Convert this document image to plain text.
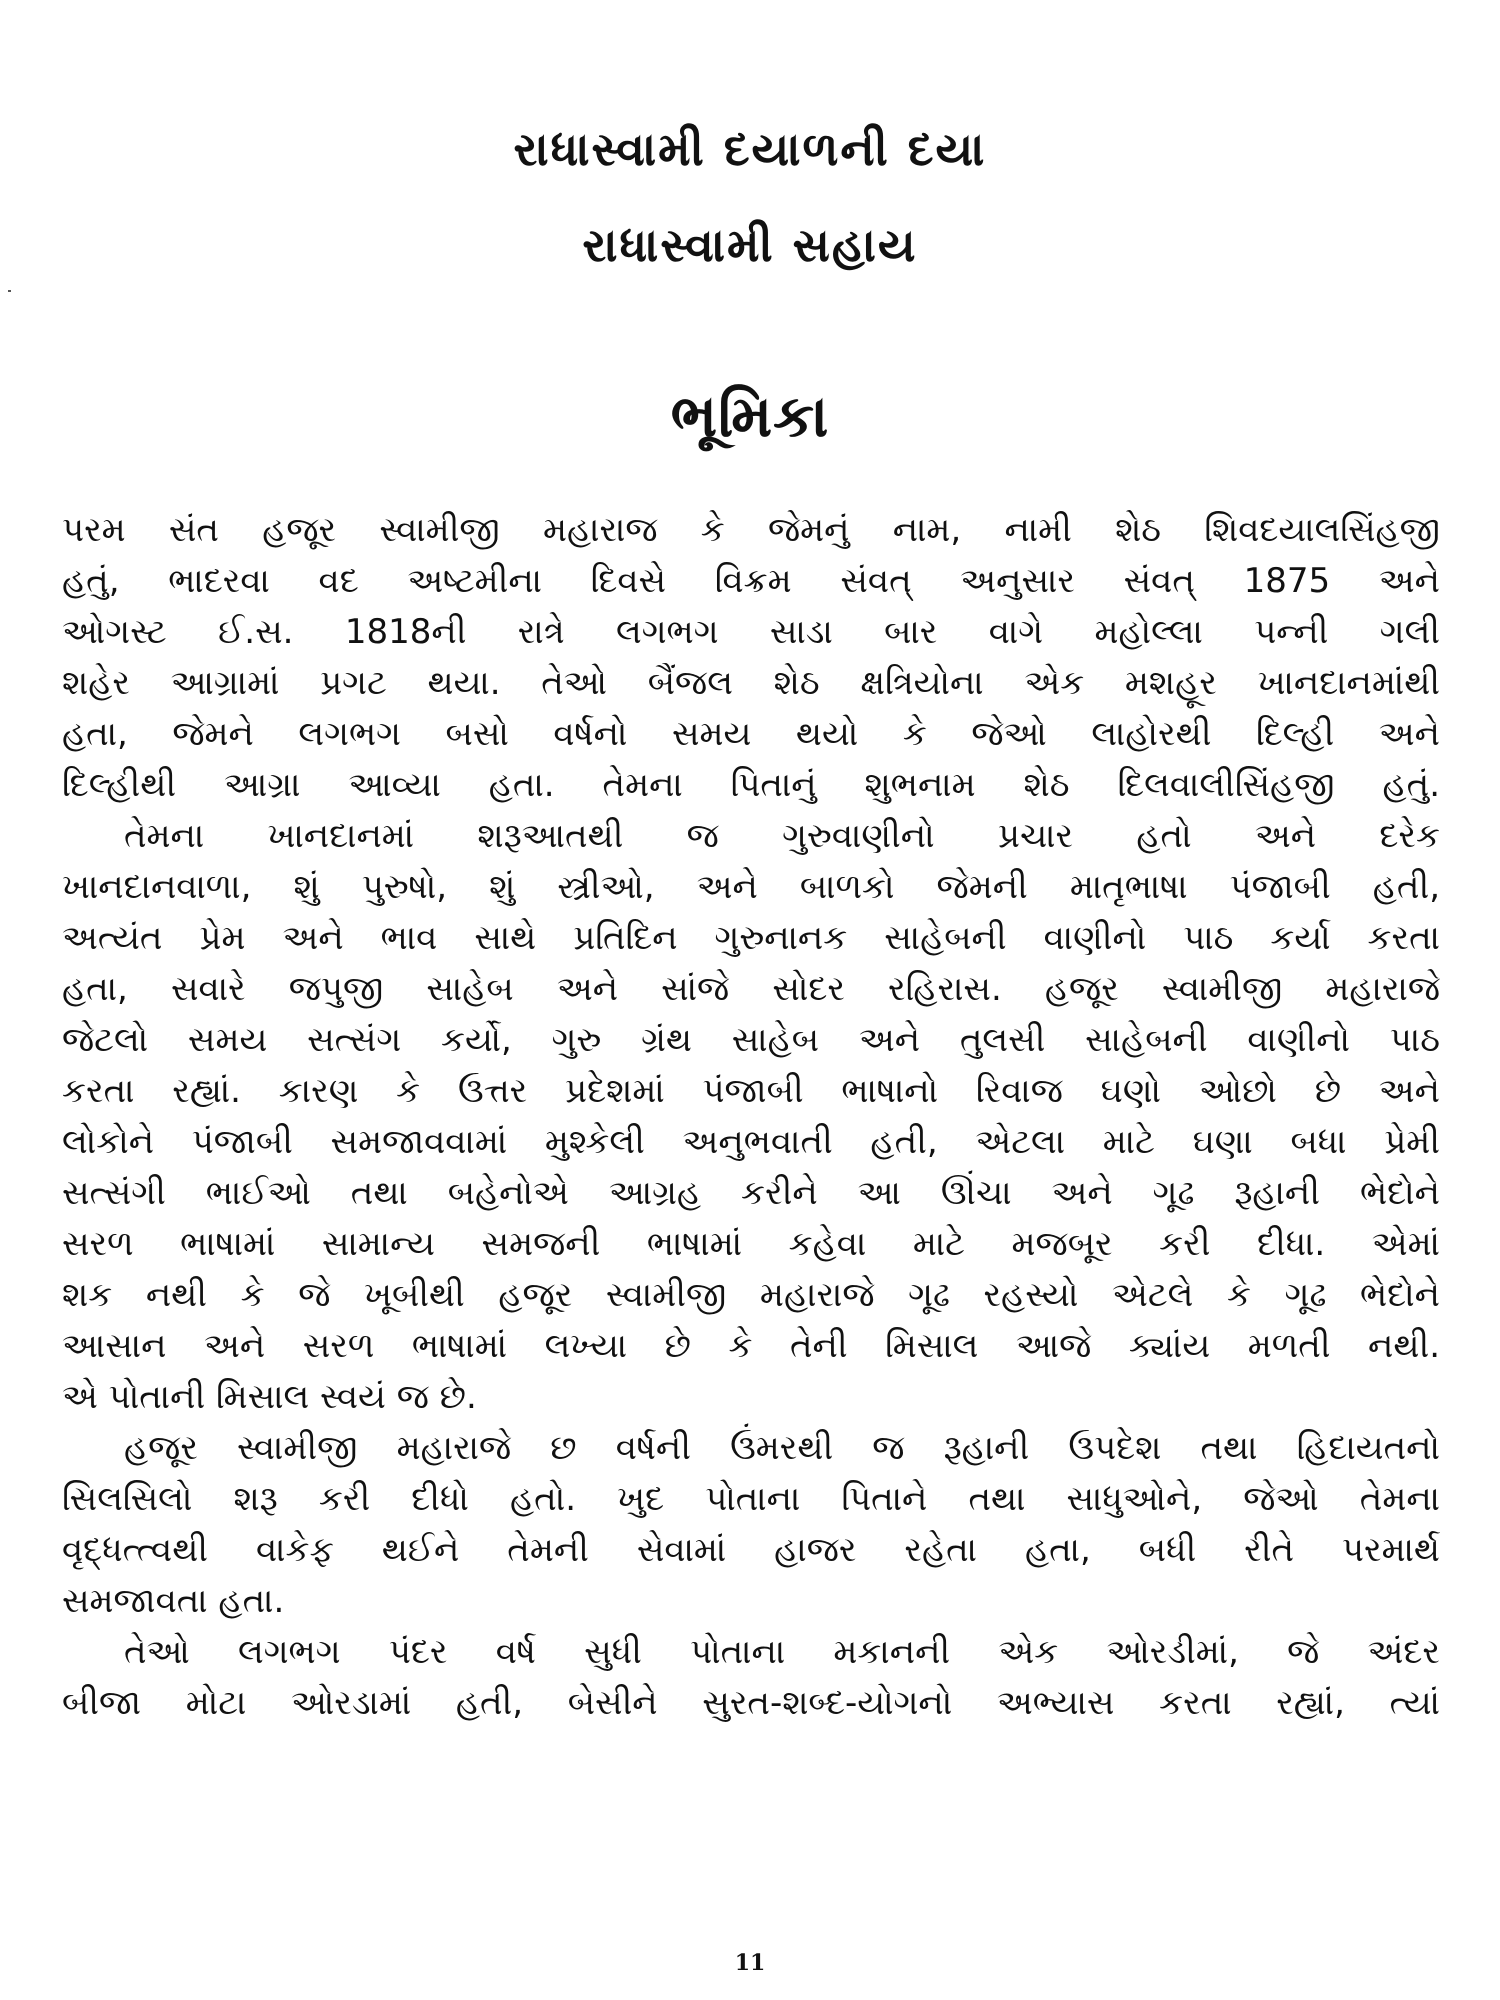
રાધાસ્વામી દયાળની દયા
રાધાસ્વામી સહાય
ભૂમિકા
પરમ સંત હજૂર સ્વામીજી મહારાજ કે જેમનું નામ, નામી શેઠ શિવદયાલસિંહજી
હતું, ભાદરવા વદ અષ્ટમીના દિવસે વિક્રમ સંવત્ અનુસાર સંવત્ 1875 અને
ઓગસ્ટ ઈ.સ. 1818ની રાત્રે લગભગ સાડા બાર વાગે મહોલ્લા પન્ની ગલી
શહેર આગ્રામાં પ્રગટ થયા. તેઓ બૈંજલ શેઠ ક્ષત્રિયોના એક મશહૂર ખાનદાનમાંથી
હતા, જેમને લગભગ બસો વર્ષનો સમય થયો કે જેઓ લાહોરથી દિલ્હી અને
દિલ્હીથી આગ્રા આવ્યા હતા. તેમના પિતાનું શુભનામ શેઠ દિલવાલીસિંહજી હતું.
તેમના ખાનદાનમાં શરૂઆતથી જ ગુરુવાણીનો પ્રચાર હતો અને દરેક
ખાનદાનવાળા, શું પુરુષો, શું સ્ત્રીઓ, અને બાળકો જેમની માતૃભાષા પંજાબી હતી,
અત્યંત પ્રેમ અને ભાવ સાથે પ્રતિદિન ગુરુનાનક સાહેબની વાણીનો પાઠ કર્યા કરતા
હતા, સવારે જપુજી સાહેબ અને સાંજે સોદર રહિરાસ. હજૂર સ્વામીજી મહારાજે
જેટલો સમય સત્સંગ કર્યો, ગુરુ ગ્રંથ સાહેબ અને તુલસી સાહેબની વાણીનો પાઠ
કરતા રહ્યાં. કારણ કે ઉત્તર પ્રદેશમાં પંજાબી ભાષાનો રિવાજ ઘણો ઓછો છે અને
લોકોને પંજાબી સમજાવવામાં મુશ્કેલી અનુભવાતી હતી, એટલા માટે ઘણા બધા પ્રેમી
સત્સંગી ભાઈઓ તથા બહેનોએ આગ્રહ કરીને આ ઊંચા અને ગૂઢ રૂહાની ભેદોને
સરળ ભાષામાં સામાન્ય સમજની ભાષામાં કહેવા માટે મજબૂર કરી દીધા. એમાં
શક નથી કે જે ખૂબીથી હજૂર સ્વામીજી મહારાજે ગૂઢ રહસ્યો એટલે કે ગૂઢ ભેદોને
આસાન અને સરળ ભાષામાં લખ્યા છે કે તેની મિસાલ આજે ક્યાંય મળતી નથી.
એ પોતાની મિસાલ સ્વયં જ છે.
હજૂર સ્વામીજી મહારાજે છ વર્ષની ઉંમરથી જ રૂહાની ઉપદેશ તથા હિદાયતનો
સિલસિલો શરૂ કરી દીધો હતો. ખુદ પોતાના પિતાને તથા સાધુઓને, જેઓ તેમના
વૃદ્ધત્ત્વથી વાકેફ થઈને તેમની સેવામાં હાજર રહેતા હતા, બધી રીતે પરમાર્થ
સમજાવતા હતા.
તેઓ લગભગ પંદર વર્ષ સુધી પોતાના મકાનની એક ઓરડીમાં, જે અંદર
બીજા મોટા ઓરડામાં હતી, બેસીને સુરત-શબ્દ-યોગનો અભ્યાસ કરતા રહ્યાં, ત્યાં
11
